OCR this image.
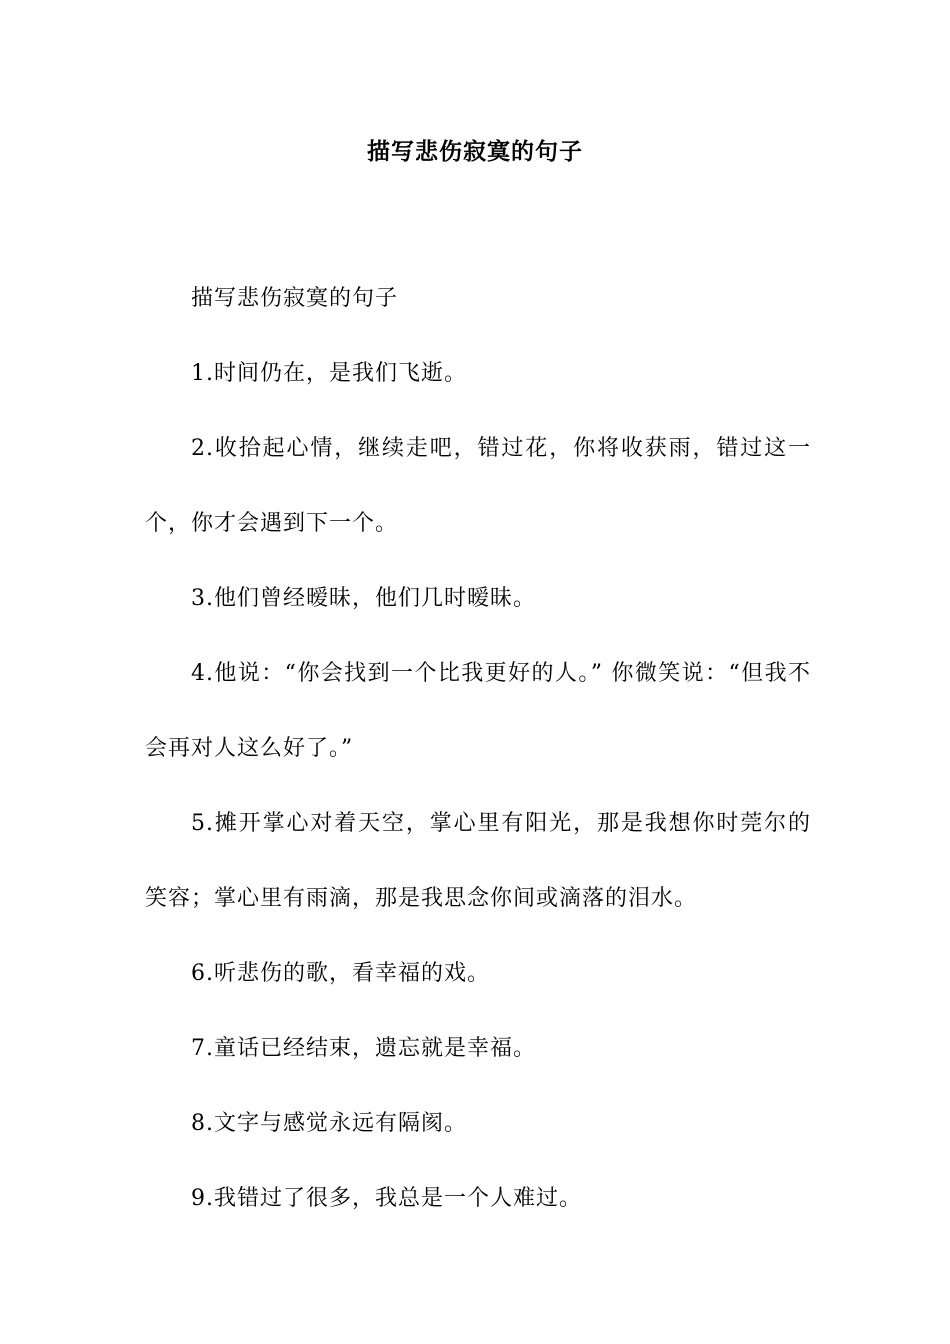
描写悲伤寂寞的句子

描写悲伤寂寞的句子

1.时间仍在，是我们飞逝。

2.收拾起心情，继续走吧，错过花，你将收获雨，错过这一个，你才会遇到下一个。

3.他们曾经暧昧，他们几时暧昧。

4.他说：“你会找到一个比我更好的人。” 你微笑说：“但我不会再对人这么好了。”

5.摊开掌心对着天空，掌心里有阳光，那是我想你时莞尔的笑容；掌心里有雨滴，那是我思念你间或滴落的泪水。

6.听悲伤的歌，看幸福的戏。

7.童话已经结束，遗忘就是幸福。

8.文字与感觉永远有隔阂。

9.我错过了很多，我总是一个人难过。
